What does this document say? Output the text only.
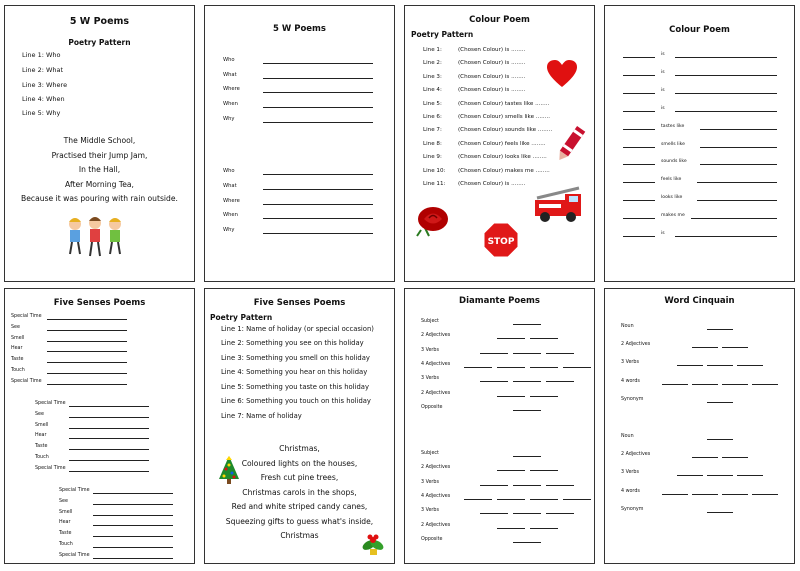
5 W Poems
Poetry Pattern
Line 1: Who
Line 2: What
Line 3: Where
Line 4: When
Line 5: Why
The Middle School,
Practised their Jump Jam,
In the Hall,
After Morning Tea,
Because it was pouring with rain outside.
5 W Poems
Who
What
Where
When
Why
Who
What
Where
When
Why
Colour Poem
Poetry Pattern
Line 1:	(Chosen Colour) is ........
Line 2:	(Chosen Colour) is ........
Line 3:	(Chosen Colour) is ........
Line 4:	(Chosen Colour) is ........
Line 5:	(Chosen Colour) tastes like ........
Line 6:	(Chosen Colour) smells like ........
Line 7:	(Chosen Colour) sounds like ........
Line 8:	(Chosen Colour) feels like ........
Line 9:	(Chosen Colour) looks like ........
Line 10: (Chosen Colour) makes me ........
Line 11: (Chosen Colour) is ........
STOP
Colour Poem
is
is
is
is
tastes like
smells like
sounds like
feels like
looks like
makes me
is
Five Senses Poems
Special Time
See
Smell
Hear
Taste
Touch
Special Time
Special Time
See
Smell
Hear
Taste
Touch
Special Time
Special Time
See
Smell
Hear
Taste
Touch
Special Time
Five Senses Poems
Poetry Pattern
Line 1: Name of holiday (or special occasion)
Line 2: Something you see on this holiday
Line 3: Something you smell on this holiday
Line 4: Something you hear on this holiday
Line 5: Something you taste on this holiday
Line 6: Something you touch on this holiday
Line 7: Name of holiday
Christmas,
Coloured lights on the houses,
Fresh cut pine trees,
Christmas carols in the shops,
Red and white striped candy canes,
Squeezing gifts to guess what's inside,
Christmas
Diamante Poems
Subject
2 Adjectives
3 Verbs
4 Adjectives
3 Verbs
2 Adjectives
Opposite
Subject
2 Adjectives
3 Verbs
4 Adjectives
3 Verbs
2 Adjectives
Opposite
Word Cinquain
Noun
2 Adjectives
3 Verbs
4 words
Synonym
Noun
2 Adjectives
3 Verbs
4 words
Synonym
